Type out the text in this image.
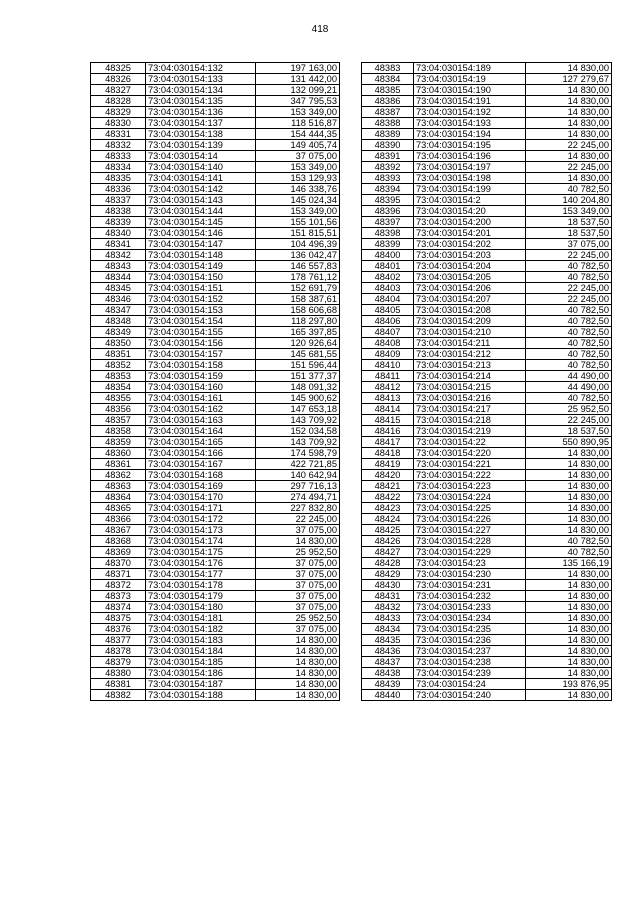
418
48325	73:04:030154:132	197 163,00
48326	73:04:030154:133	131 442,00
48327	73:04:030154:134	132 099,21
48328	73:04:030154:135	347 795,53
48329	73:04:030154:136	153 349,00
48330	73:04:030154:137	118 516,87
48331	73:04:030154:138	154 444,35
48332	73:04:030154:139	149 405,74
48333	73:04:030154:14	37 075,00
48334	73:04:030154:140	153 349,00
48335	73:04:030154:141	153 129,93
48336	73:04:030154:142	146 338,76
48337	73:04:030154:143	145 024,34
48338	73:04:030154:144	153 349,00
48339	73:04:030154:145	155 101,56
48340	73:04:030154:146	151 815,51
48341	73:04:030154:147	104 496,39
48342	73:04:030154:148	136 042,47
48343	73:04:030154:149	146 557,83
48344	73:04:030154:150	178 761,12
48345	73:04:030154:151	152 691,79
48346	73:04:030154:152	158 387,61
48347	73:04:030154:153	158 606,68
48348	73:04:030154:154	118 297,80
48349	73:04:030154:155	165 397,85
48350	73:04:030154:156	120 926,64
48351	73:04:030154:157	145 681,55
48352	73:04:030154:158	151 596,44
48353	73:04:030154:159	151 377,37
48354	73:04:030154:160	148 091,32
48355	73:04:030154:161	145 900,62
48356	73:04:030154:162	147 653,18
48357	73:04:030154:163	143 709,92
48358	73:04:030154:164	152 034,58
48359	73:04:030154:165	143 709,92
48360	73:04:030154:166	174 598,79
48361	73:04:030154:167	422 721,85
48362	73:04:030154:168	140 642,94
48363	73:04:030154:169	297 716,13
48364	73:04:030154:170	274 494,71
48365	73:04:030154:171	227 832,80
48366	73:04:030154:172	22 245,00
48367	73:04:030154:173	37 075,00
48368	73:04:030154:174	14 830,00
48369	73:04:030154:175	25 952,50
48370	73:04:030154:176	37 075,00
48371	73:04:030154:177	37 075,00
48372	73:04:030154:178	37 075,00
48373	73:04:030154:179	37 075,00
48374	73:04:030154:180	37 075,00
48375	73:04:030154:181	25 952,50
48376	73:04:030154:182	37 075,00
48377	73:04:030154:183	14 830,00
48378	73:04:030154:184	14 830,00
48379	73:04:030154:185	14 830,00
48380	73:04:030154:186	14 830,00
48381	73:04:030154:187	14 830,00
48382	73:04:030154:188	14 830,00
48383	73:04:030154:189	14 830,00
48384	73:04:030154:19	127 279,67
48385	73:04:030154:190	14 830,00
48386	73:04:030154:191	14 830,00
48387	73:04:030154:192	14 830,00
48388	73:04:030154:193	14 830,00
48389	73:04:030154:194	14 830,00
48390	73:04:030154:195	22 245,00
48391	73:04:030154:196	14 830,00
48392	73:04:030154:197	22 245,00
48393	73:04:030154:198	14 830,00
48394	73:04:030154:199	40 782,50
48395	73:04:030154:2	140 204,80
48396	73:04:030154:20	153 349,00
48397	73:04:030154:200	18 537,50
48398	73:04:030154:201	18 537,50
48399	73:04:030154:202	37 075,00
48400	73:04:030154:203	22 245,00
48401	73:04:030154:204	40 782,50
48402	73:04:030154:205	40 782,50
48403	73:04:030154:206	22 245,00
48404	73:04:030154:207	22 245,00
48405	73:04:030154:208	40 782,50
48406	73:04:030154:209	40 782,50
48407	73:04:030154:210	40 782,50
48408	73:04:030154:211	40 782,50
48409	73:04:030154:212	40 782,50
48410	73:04:030154:213	40 782,50
48411	73:04:030154:214	44 490,00
48412	73:04:030154:215	44 490,00
48413	73:04:030154:216	40 782,50
48414	73:04:030154:217	25 952,50
48415	73:04:030154:218	22 245,00
48416	73:04:030154:219	18 537,50
48417	73:04:030154:22	550 890,95
48418	73:04:030154:220	14 830,00
48419	73:04:030154:221	14 830,00
48420	73:04:030154:222	14 830,00
48421	73:04:030154:223	14 830,00
48422	73:04:030154:224	14 830,00
48423	73:04:030154:225	14 830,00
48424	73:04:030154:226	14 830,00
48425	73:04:030154:227	14 830,00
48426	73:04:030154:228	40 782,50
48427	73:04:030154:229	40 782,50
48428	73:04:030154:23	135 166,19
48429	73:04:030154:230	14 830,00
48430	73:04:030154:231	14 830,00
48431	73:04:030154:232	14 830,00
48432	73:04:030154:233	14 830,00
48433	73:04:030154:234	14 830,00
48434	73:04:030154:235	14 830,00
48435	73:04:030154:236	14 830,00
48436	73:04:030154:237	14 830,00
48437	73:04:030154:238	14 830,00
48438	73:04:030154:239	14 830,00
48439	73:04:030154:24	193 876,95
48440	73:04:030154:240	14 830,00
